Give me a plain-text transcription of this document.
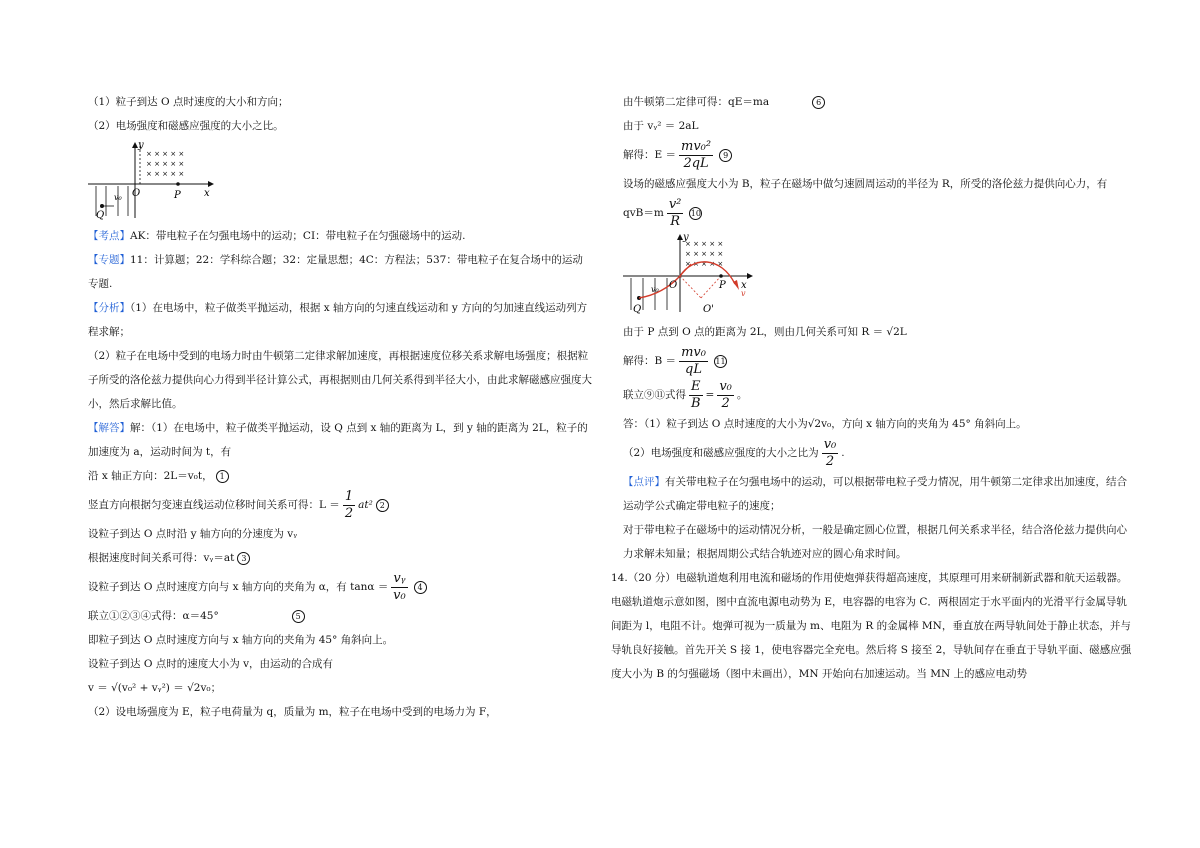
（1）粒子到达 O 点时速度的大小和方向；

（2）电场强度和磁感应强度的大小之比。

× × × × ×
× × × × ×
× × × × ×
y
x
O	P
Q
v₀

【考点】AK：带电粒子在匀强电场中的运动；CI：带电粒子在匀强磁场中的运动.

【专题】11：计算题；22：学科综合题；32：定量思想；4C：方程法；537：带电粒子在复合场中的运动专题.

【分析】（1）在电场中，粒子做类平抛运动，根据 x 轴方向的匀速直线运动和 y 方向的匀加速直线运动列方程求解；

（2）粒子在电场中受到的电场力时由牛顿第二定律求解加速度，再根据速度位移关系求解电场强度；根据粒子所受的洛伦兹力提供向心力得到半径计算公式，再根据则由几何关系得到半径大小，由此求解磁感应强度大小，然后求解比值。

【解答】解：（1）在电场中，粒子做类平抛运动，设 Q 点到 x 轴的距离为 L，到 y 轴的距离为 2L，粒子的加速度为 a，运动时间为 t，有

沿 x 轴正方向：2L＝v₀t， 1

竖直方向根据匀变速直线运动位移时间关系可得：$L = \frac{1}{2} at^2$ 2

设粒子到达 O 点时沿 y 轴方向的分速度为 vᵧ

根据速度时间关系可得：vᵧ＝at 3

设粒子到达 O 点时速度方向与 x 轴方向的夹角为 α，有 $\tan\alpha = \frac{\text{vᵧ}}{\text{v₀}} 4$

联立①②③④式得：α＝45°	5

即粒子到达 O 点时速度方向与 x 轴方向的夹角为 45° 角斜向上。

设粒子到达 O 点时的速度大小为 v，由运动的合成有

v ＝ √(v₀² + vᵧ²) ＝ √2v₀；

（2）设电场强度为 E，粒子电荷量为 q，质量为 m，粒子在电场中受到的电场力为 F，

由牛顿第二定律可得：qE＝ma	6

由于 vᵧ² ＝ 2aL

解得：$E = \frac{\text{mv₀²}}{2qL} 9$

设场的磁感应强度大小为 B，粒子在磁场中做匀速圆周运动的半径为 R，所受的洛伦兹力提供向心力，有

$qvB=m \frac{\text{v²}}{R} 10$

× × × × ×
× × × × ×
× × × × ×
y
x
O	P
Q	O'
v₀	v

由于 P 点到 O 点的距离为 2L，则由几何关系可知 R ＝ √2L

解得：$B = \frac{\text{mv₀}}{qL} 11$

联立⑨⑪式得 $\frac{E}{B} = \frac{\text{v₀}}{2}$ 。

答：（1）粒子到达 O 点时速度的大小为√2v₀，方向 x 轴方向的夹角为 45° 角斜向上。

（2）电场强度和磁感应强度的大小之比为 $\frac{\text{v₀}}{2}$ .

【点评】有关带电粒子在匀强电场中的运动，可以根据带电粒子受力情况，用牛顿第二定律求出加速度，结合运动学公式确定带电粒子的速度；

对于带电粒子在磁场中的运动情况分析，一般是确定圆心位置，根据几何关系求半径，结合洛伦兹力提供向心力求解未知量；根据周期公式结合轨迹对应的圆心角求时间。

14.（20 分）电磁轨道炮利用电流和磁场的作用使炮弹获得超高速度，其原理可用来研制新武器和航天运载器。电磁轨道炮示意如图，图中直流电源电动势为 E，电容器的电容为 C．两根固定于水平面内的光滑平行金属导轨间距为 l，电阻不计。炮弹可视为一质量为 m、电阻为 R 的金属棒 MN，垂直放在两导轨间处于静止状态，并与导轨良好接触。首先开关 S 接 1，使电容器完全充电。然后将 S 接至 2，导轨间存在垂直于导轨平面、磁感应强度大小为 B 的匀强磁场（图中未画出），MN 开始向右加速运动。当 MN 上的感应电动势
